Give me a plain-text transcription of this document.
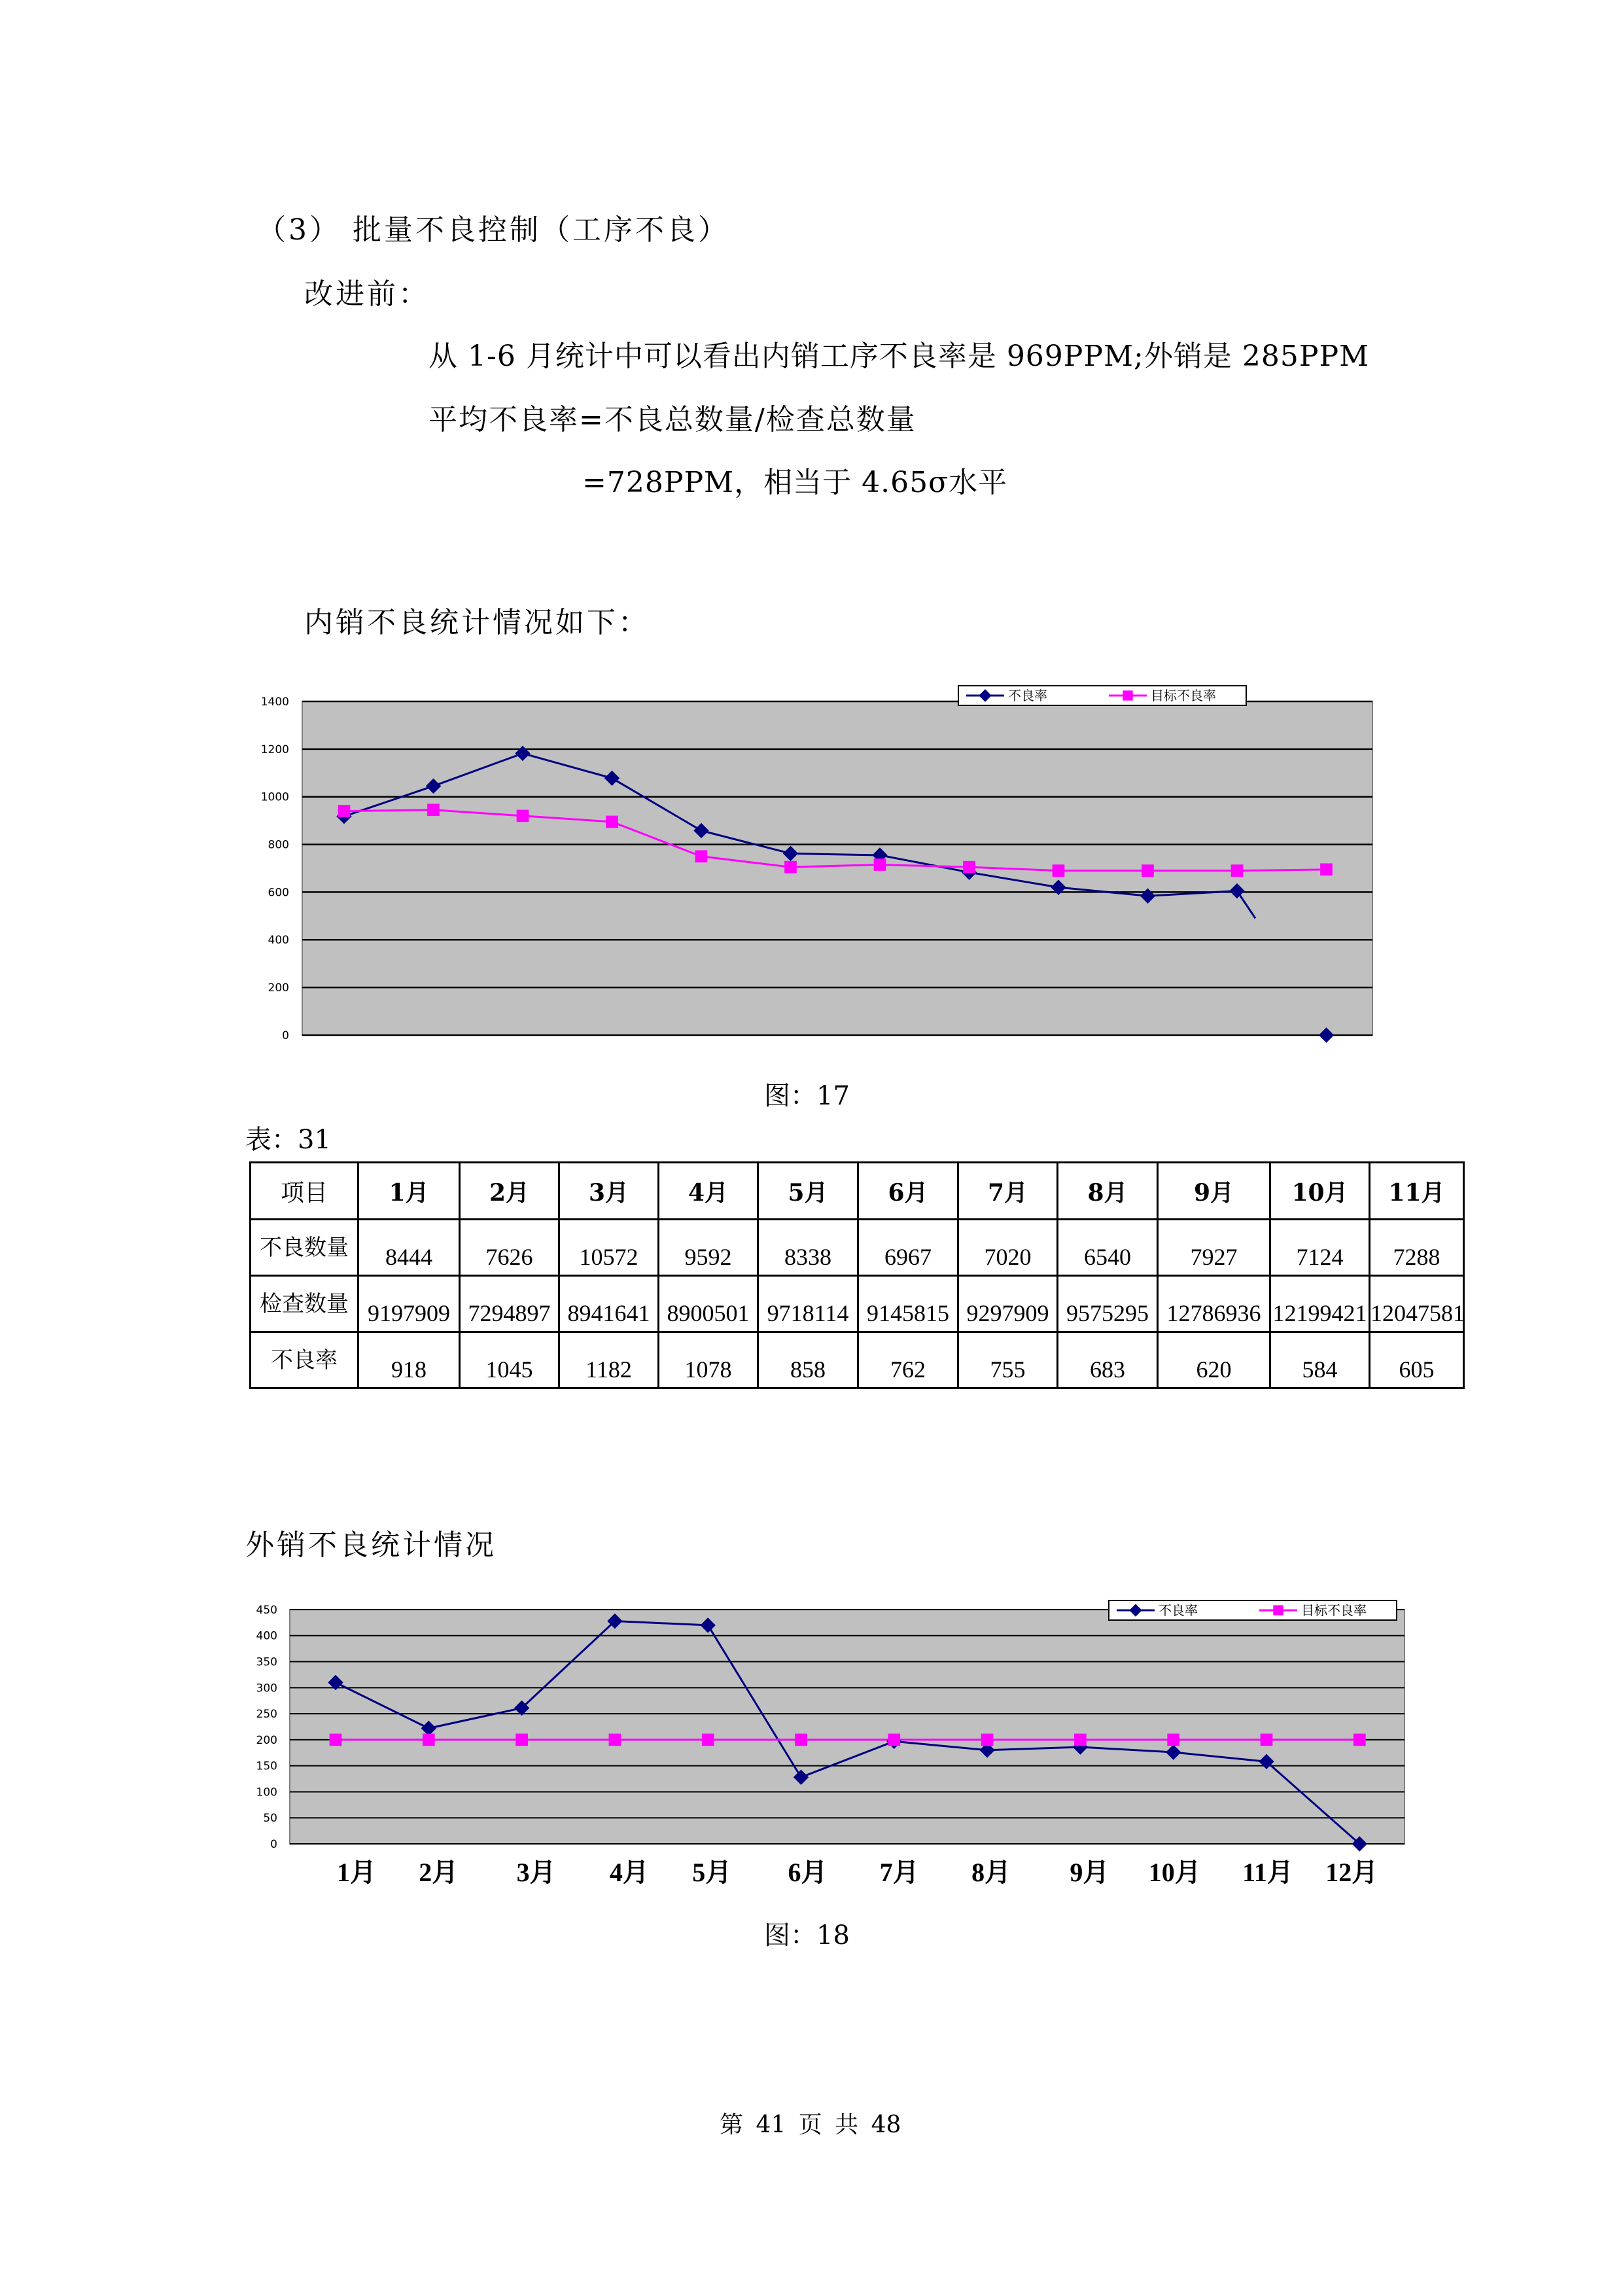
（3） 批量不良控制（工序不良）
改进前：
从 1-6 月统计中可以看出内销工序不良率是 969PPM;外销是 285PPM
平均不良率=不良总数量/检查总数量
=728PPM，相当于 4.65σ水平
内销不良统计情况如下：
0
200
400
600
800
1000
1200
1400	不良率	目标不良率
图：17
表：31
项目	1月	2月	3月	4月	5月	6月	7月	8月	9月	10月	11月
不良数量	8444	7626	10572	9592	8338	6967	7020	6540	7927	7124	7288
检查数量	9197909	7294897	8941641	8900501	9718114	9145815	9297909	9575295	12786936	12199421	12047581
不良率	918	1045	1182	1078	858	762	755	683	620	584	605
外销不良统计情况
0
50
100
150
200
250
300
350
400
450
1月 2月 3月 4月 5月 6月 7月 8月 9月 10月 11月 12月
不良率	目标不良率
图：18
第 41 页 共 48
